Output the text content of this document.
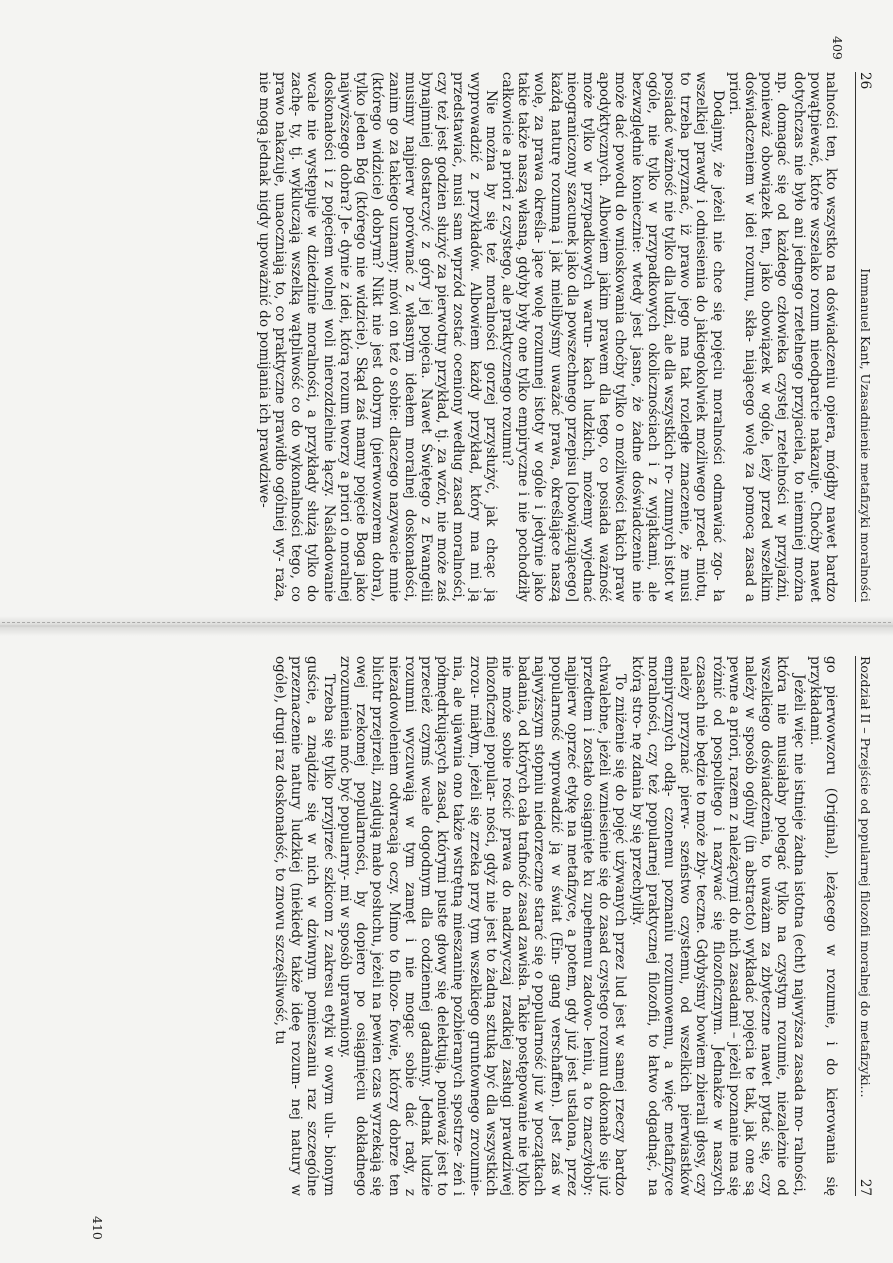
26
Immanuel Kant, Uzasadnienie metafizyki moralności
409

nalności ten, kto wszystko na doświadczeniu opiera, mógłby nawet bardzo powątpiewać, które wszelako rozum nieodparcie nakazuje. Choćby nawet dotychczas nie było ani jednego rzetelnego przyjaciela, to niemniej można np. domagać się od każdego człowieka czystej rzetelności w przyjaźni, ponieważ obowiązek ten, jako obowiązek w ogóle, leży przed wszelkim doświadczeniem w idei rozumu, skła- niającego wolę za pomocą zasad a priori.

Dodajmy, że jeżeli nie chce się pojęciu moralności odmawiać zgo- ła wszelkiej prawdy i odniesienia do jakiegokolwiek możliwego przed- miotu, to trzeba przyznać, iż prawo jego ma tak rozległe znaczenie, że musi posiadać ważność nie tylko dla ludzi, ale dla wszystkich ro- zumnych istot w ogóle, nie tylko w przypadkowych okolicznościach i z wyjątkami, ale bezwzględnie koniecznie: wtedy jest jasne, że żadne doświadczenie nie może dać powodu do wnioskowania choćby tylko o możliwości takich praw apodyktycznych. Albowiem jakim prawem dla tego, co posiada ważność może tylko w przypadkowych warun- kach ludzkich, możemy wyjednać nieograniczony szacunek jako dla powszechnego przepisu [obowiązującego] każdą naturę rozumną i jak mielibyśmy uważać prawa, określające naszą wolę, za prawa określa- jące wolę rozumnej istoty w ogóle i jedynie jako takie także naszą własną, gdyby były one tylko empiryczne i nie pochodziły całkowicie a priori z czystego, ale praktycznego rozumu?

Nie można by się też moralności gorzej przysłużyć, jak chcąc ją wyprowadzić z przykładów. Albowiem każdy przykład, który ma mi ją przedstawiać, musi sam wprzód zostać oceniony według zasad moralności, czy też jest godzien służyć za pierwotny przykład, tj. za wzór, nie może zaś bynajmniej dostarczyć z góry jej pojęcia. Nawet Świętego z Ewangelii musimy najpierw porównać z własnym ideałem moralnej doskonałości, zanim go za takiego uznamy; mówi on też o sobie: dlaczego nazywacie mnie (którego widzicie) dobrym? Nikt nie jest dobrym (pierwowzorem dobra), tylko jeden Bóg (którego nie widzicie). Skąd zaś mamy pojęcie Boga jako najwyższego dobra? Je- dynie z idei, którą rozum tworzy a priori o moralnej doskonałości i z pojęciem wolnej woli nierozdzielnie łączy. Naśladowanie wcale nie występuje w dziedzinie moralności, a przykłady służą tylko do zachę- ty, tj. wykluczają wszelką wątpliwość co do wykonalności tego, co prawo nakazuje, unaoczniają to, co praktyczne prawidło ogólniej wy- raża, nie mogą jednak nigdy upoważnić do pomijania ich prawdziwe-

Rozdział II – Przejście od popularnej filozofii moralnej do metafizyki...
27
410

go pierwowzoru (Original), leżącego w rozumie, i do kierowania się przykładami.

Jeżeli więc nie istnieje żadna istotna (echt) najwyższa zasada mo- ralności, która nie musiałaby polegać tylko na czystym rozumie, niezależnie od wszelkiego doświadczenia, to uważam za zbyteczne nawet pytać się, czy należy w sposób ogólny (in abstracto) wykładać pojęcia te tak, jak one są pewne a priori, razem z należącymi do nich zasadami – jeżeli poznanie ma się różnić od pospolitego i nazywać się filozoficznym. Jednakże w naszych czasach nie będzie to może zby- teczne. Gdybyśmy bowiem zbierali głosy, czy należy przyznać pierw- szeństwo czystemu, od wszelkich pierwiastków empirycznych odłą- czonemu poznaniu rozumowemu, a więc metafizyce moralności, czy też popularnej praktycznej filozofii, to łatwo odgadnąć, na którą stro- nę zdania by się przechyliły.

To zniżenie się do pojęć używanych przez lud jest w samej rzeczy bardzo chwalebne, jeżeli wzniesienie się do zasad czystego rozumu dokonało się już przedtem i zostało osiągnięte ku zupełnemu zadowo- leniu, a to znaczyłoby: najpierw oprzeć etykę na metafizyce, a potem, gdy już jest ustalona, przez popularność wprowadzić ją w świat (Ein- gang verschaffen). Jest zaś w najwyższym stopniu niedorzeczne starać się o popularność już w początkach badania, od których cała trafność zasad zawisła. Takie postępowanie nie tylko nie może sobie rościć prawa do nadzwyczaj rzadkiej zasługi prawdziwej filozoficznej popular- ności, gdyż nie jest to żadną sztuką być dla wszystkich zrozu- miałym, jeżeli się zrzeka przy tym wszelkiego gruntownego zrozumie- nia, ale ujawnia ono także wstrętną mieszaninę pozbieranych spostrze- żeń i półmędrkujących zasad, którymi puste głowy się delektują, ponieważ jest to przecież czymś wcale dogodnym dla codziennej gadaniny. Jednak ludzie rozumni wyczuwają w tym zamęt i nie mogąc sobie dać rady, z niezadowoleniem odwracają oczy. Mimo to filozo- fowie, którzy dobrze ten blichtr przejrzeli, znajdują mało posłuchu, jeżeli na pewien czas wyrzekają się owej rzekomej popularności, by dopiero po osiągnięciu dokładnego zrozumienia móc być popularny- mi w sposób uprawniony.

Trzeba się tylko przyjrzeć szkicom z zakresu etyki w owym ulu- bionym guście, a znajdzie się w nich w dziwnym pomieszaniu raz szczególne przeznaczenie natury ludzkiej (niekiedy także ideę rozum- nej natury w ogóle), drugi raz doskonałość, to znowu szczęśliwość, tu
